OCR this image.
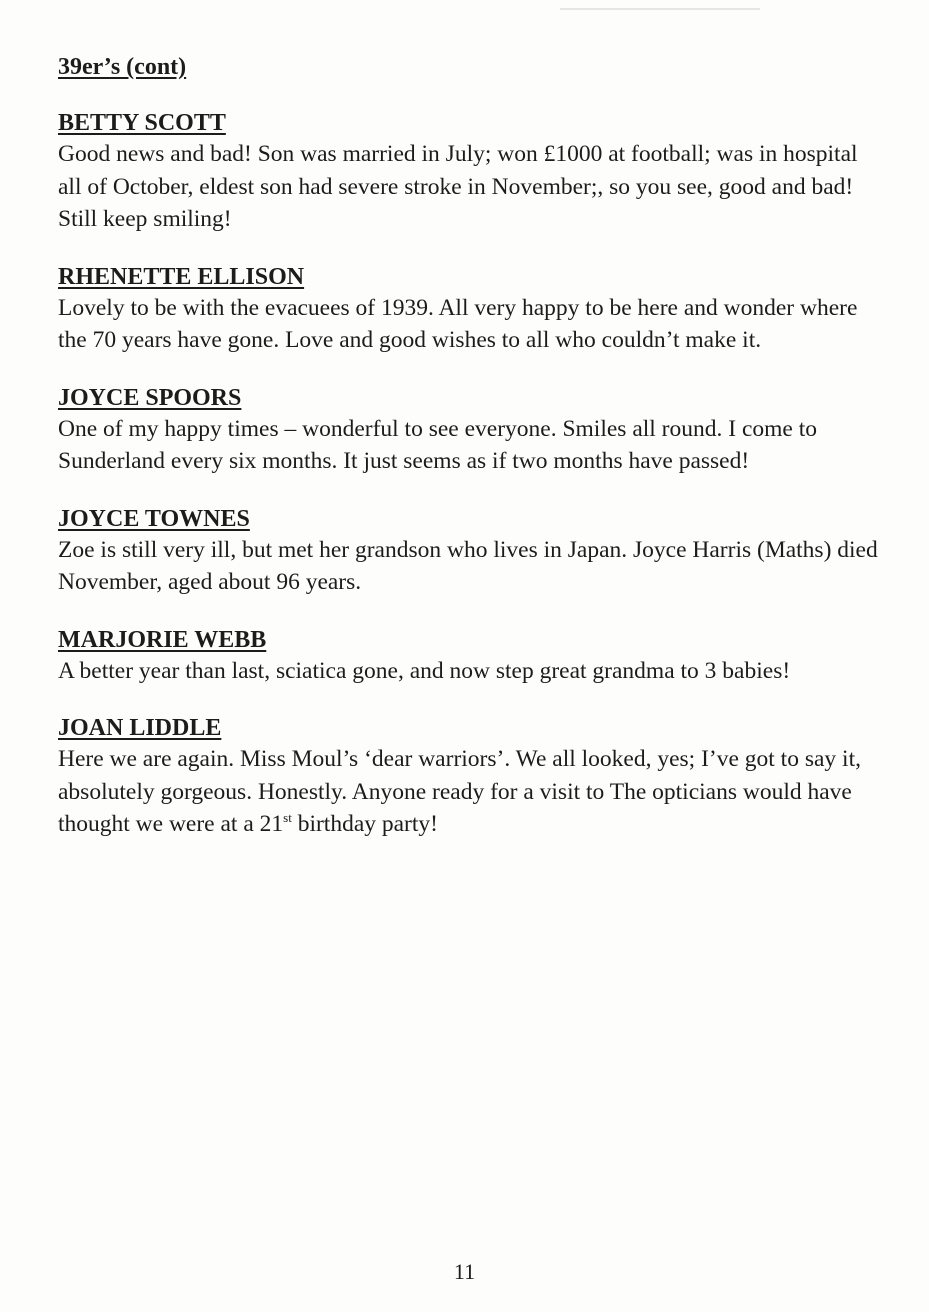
39er’s (cont)
BETTY SCOTT

Good news and bad! Son was married in July; won £1000 at football; was in hospital all of October, eldest son had severe stroke in November;, so you see, good and bad! Still keep smiling!

RHENETTE ELLISON

Lovely to be with the evacuees of 1939. All very happy to be here and wonder where the 70 years have gone. Love and good wishes to all who couldn’t make it.

JOYCE SPOORS

One of my happy times – wonderful to see everyone. Smiles all round. I come to Sunderland every six months. It just seems as if two months have passed!

JOYCE TOWNES

Zoe is still very ill, but met her grandson who lives in Japan. Joyce Harris (Maths) died November, aged about 96 years.

MARJORIE WEBB

A better year than last, sciatica gone, and now step great grandma to 3 babies!

JOAN LIDDLE

Here we are again. Miss Moul’s ‘dear warriors’. We all looked, yes; I’ve got to say it, absolutely gorgeous. Honestly. Anyone ready for a visit to The opticians would have thought we were at a 21st birthday party!

11
